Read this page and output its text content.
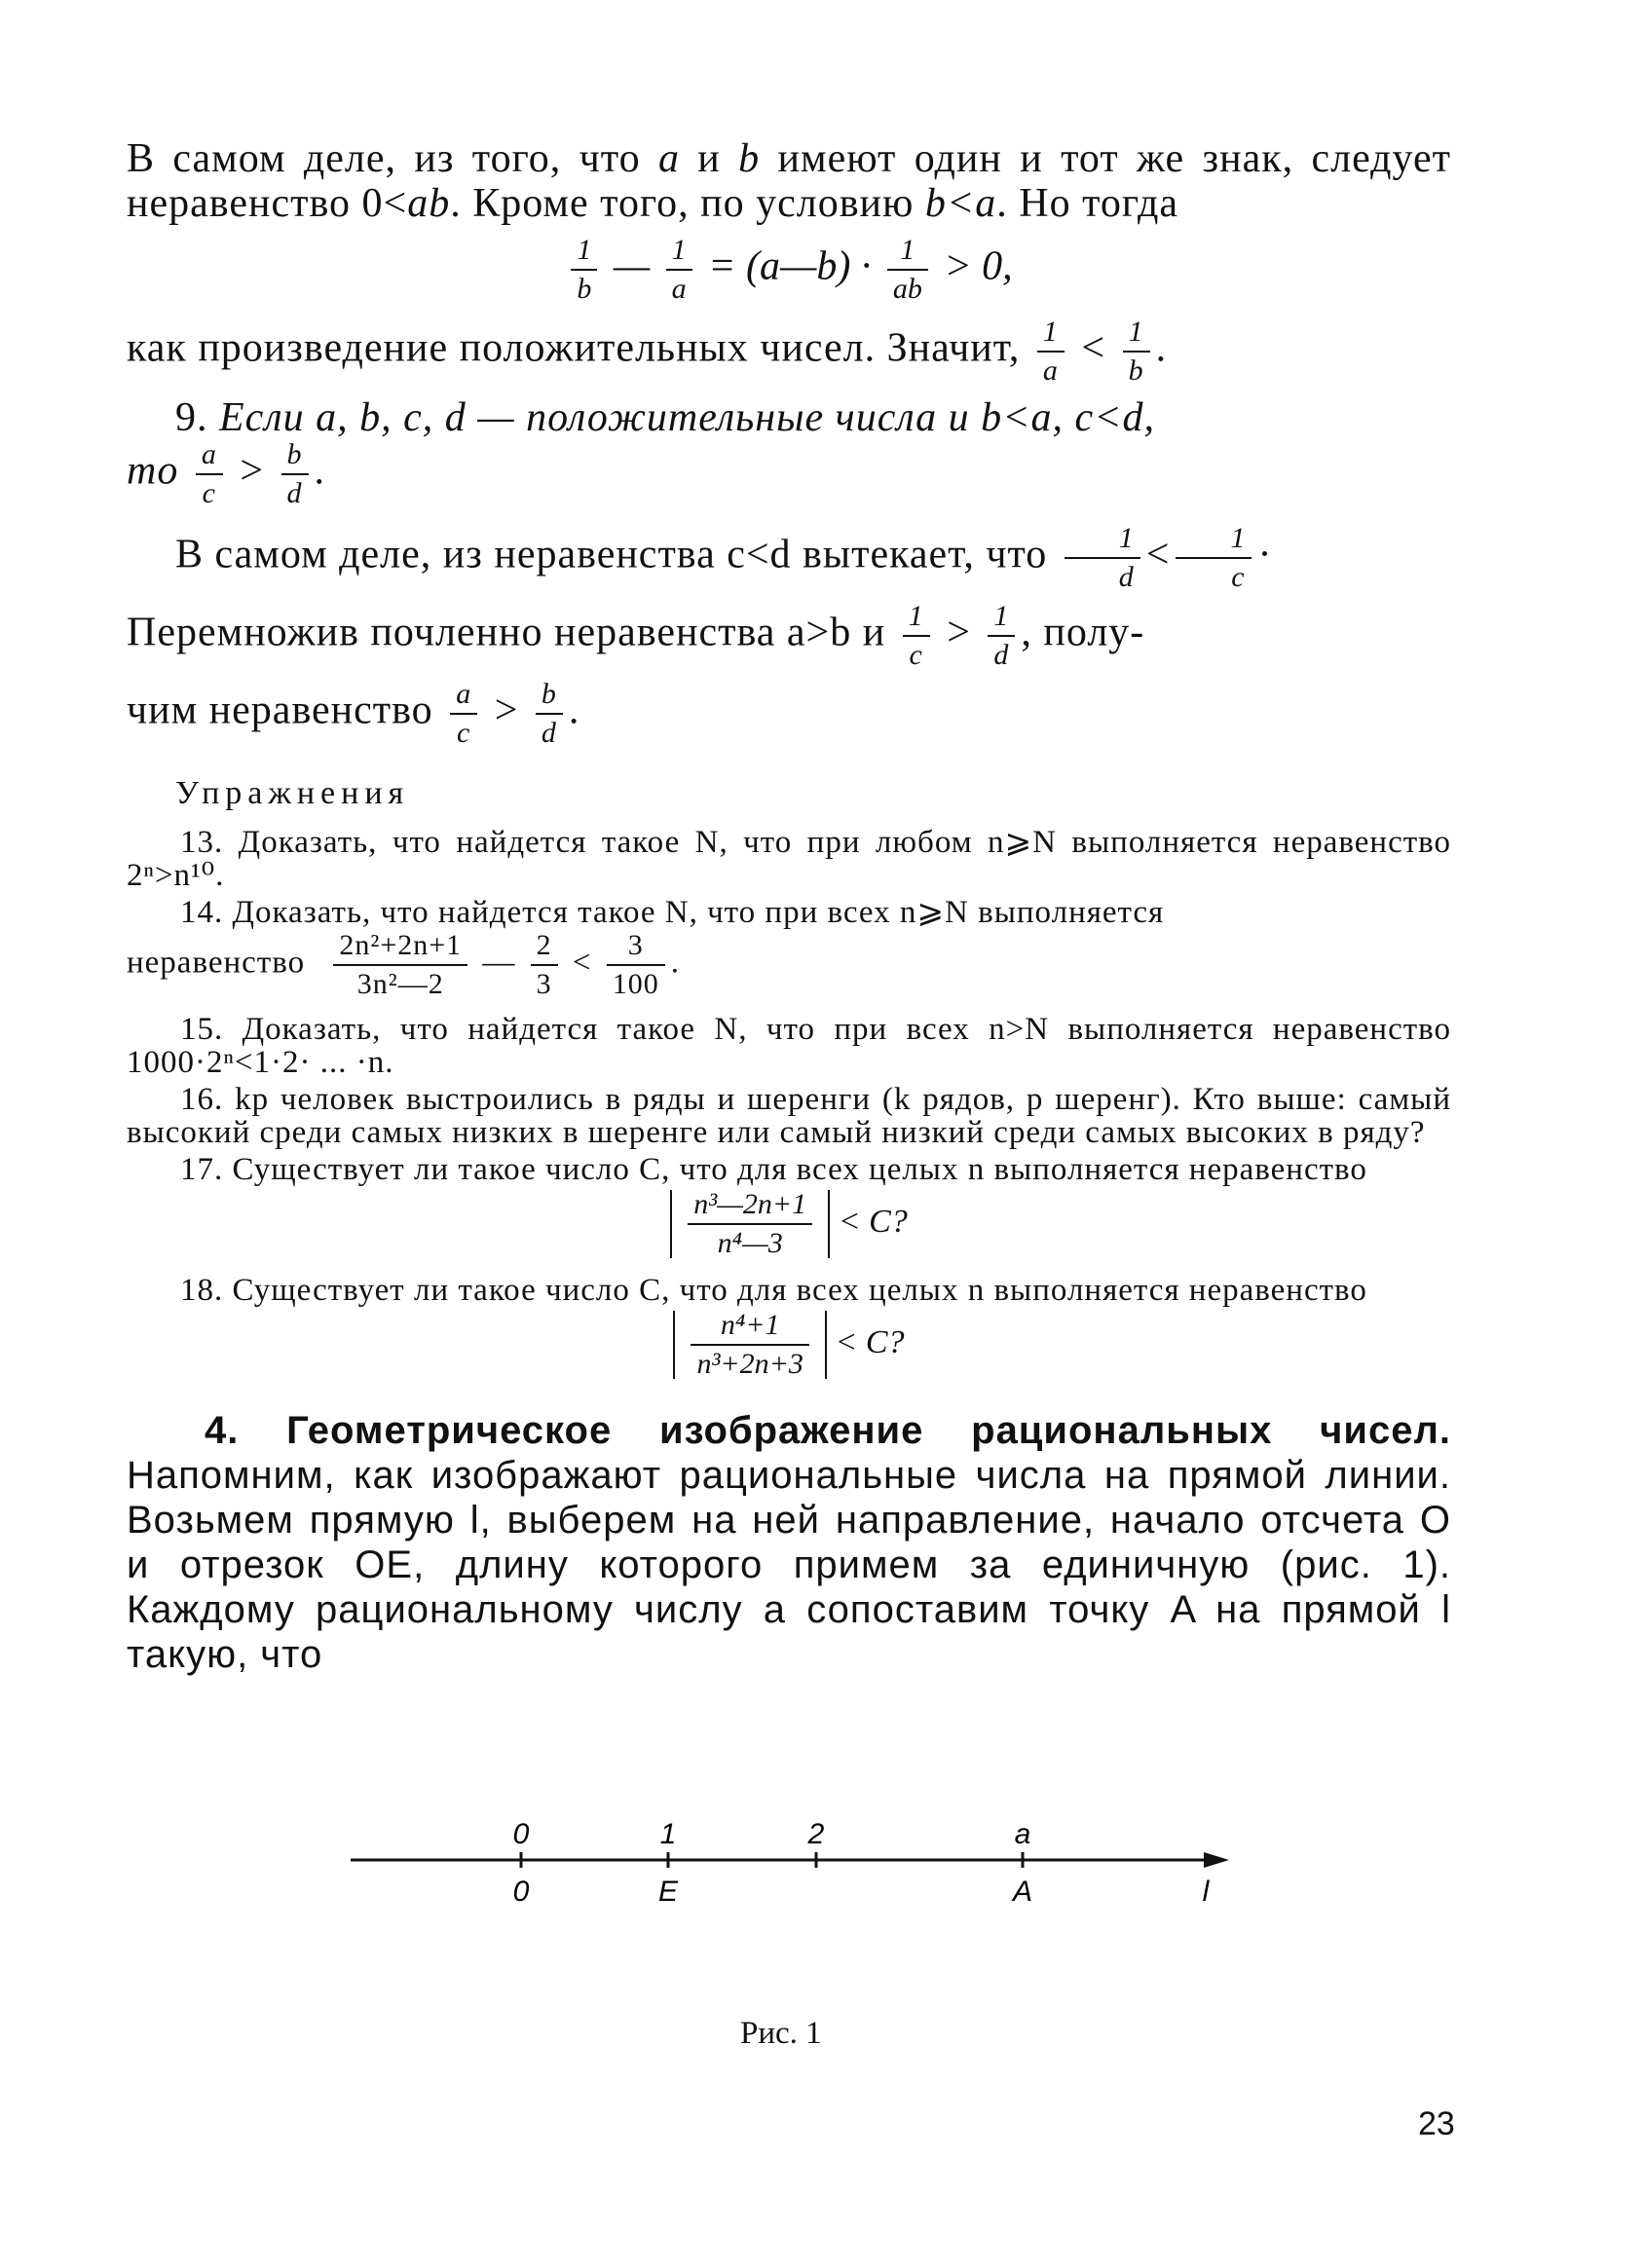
В самом деле, из того, что a и b имеют один и тот же знак, следует неравенство 0<ab. Кроме того, по условию b<a. Но тогда

$\frac{1}{b}$ — $\frac{1}{a}$ = (a—b) · $\frac{1}{ab} > 0$,

как произведение положительных чисел. Значит, $\frac{1}{a} < \frac{1}{b}$ .

9. Если a, b, c, d — положительные числа и b<a, c<d,

то $\frac{a}{c} > \frac{b}{d}$ .

В самом деле, из неравенства c<d вытекает, что $\frac{1}{d} < \frac{1}{c}$ ·

Перемножив почленно неравенства a>b и $\frac{1}{c} > \frac{1}{d}$ , полу-

чим неравенство $\frac{a}{c} > \frac{b}{d}$ .

Упражнения

13. Доказать, что найдется такое N, что при любом n⩾N выполняется неравенство 2ⁿ>n¹⁰.

14. Доказать, что найдется такое N, что при всех n⩾N выполняется

неравенство $\frac{\text{2n²+2n+1}}{\text{3n²—2}}$ — $\frac{2}{3} < \frac{3}{100}$ .

15. Доказать, что найдется такое N, что при всех n>N выполняется неравенство 1000·2ⁿ<1·2· ... ·n.

16. kp человек выстроились в ряды и шеренги (k рядов, p шеренг). Кто выше: самый высокий среди самых низких в шеренге или самый низкий среди самых высоких в ряду?

17. Существует ли такое число C, что для всех целых n выполняется неравенство

$\frac{\text{n³—2n+1}}{\text{n⁴—3}} < C$?

18. Существует ли такое число C, что для всех целых n выполняется неравенство

$\frac{\text{n⁴+1}}{\text{n³+2n+3}} < C$?

4. Геометрическое изображение рациональных чисел. Напомним, как изображают рациональные числа на прямой линии. Возьмем прямую l, выберем на ней направление, начало отсчета O и отрезок OE, длину которого примем за единичную (рис. 1). Каждому рациональному числу a сопоставим точку A на прямой l такую, что

0	1	2	a
0	E	A	l
Рис. 1
23
